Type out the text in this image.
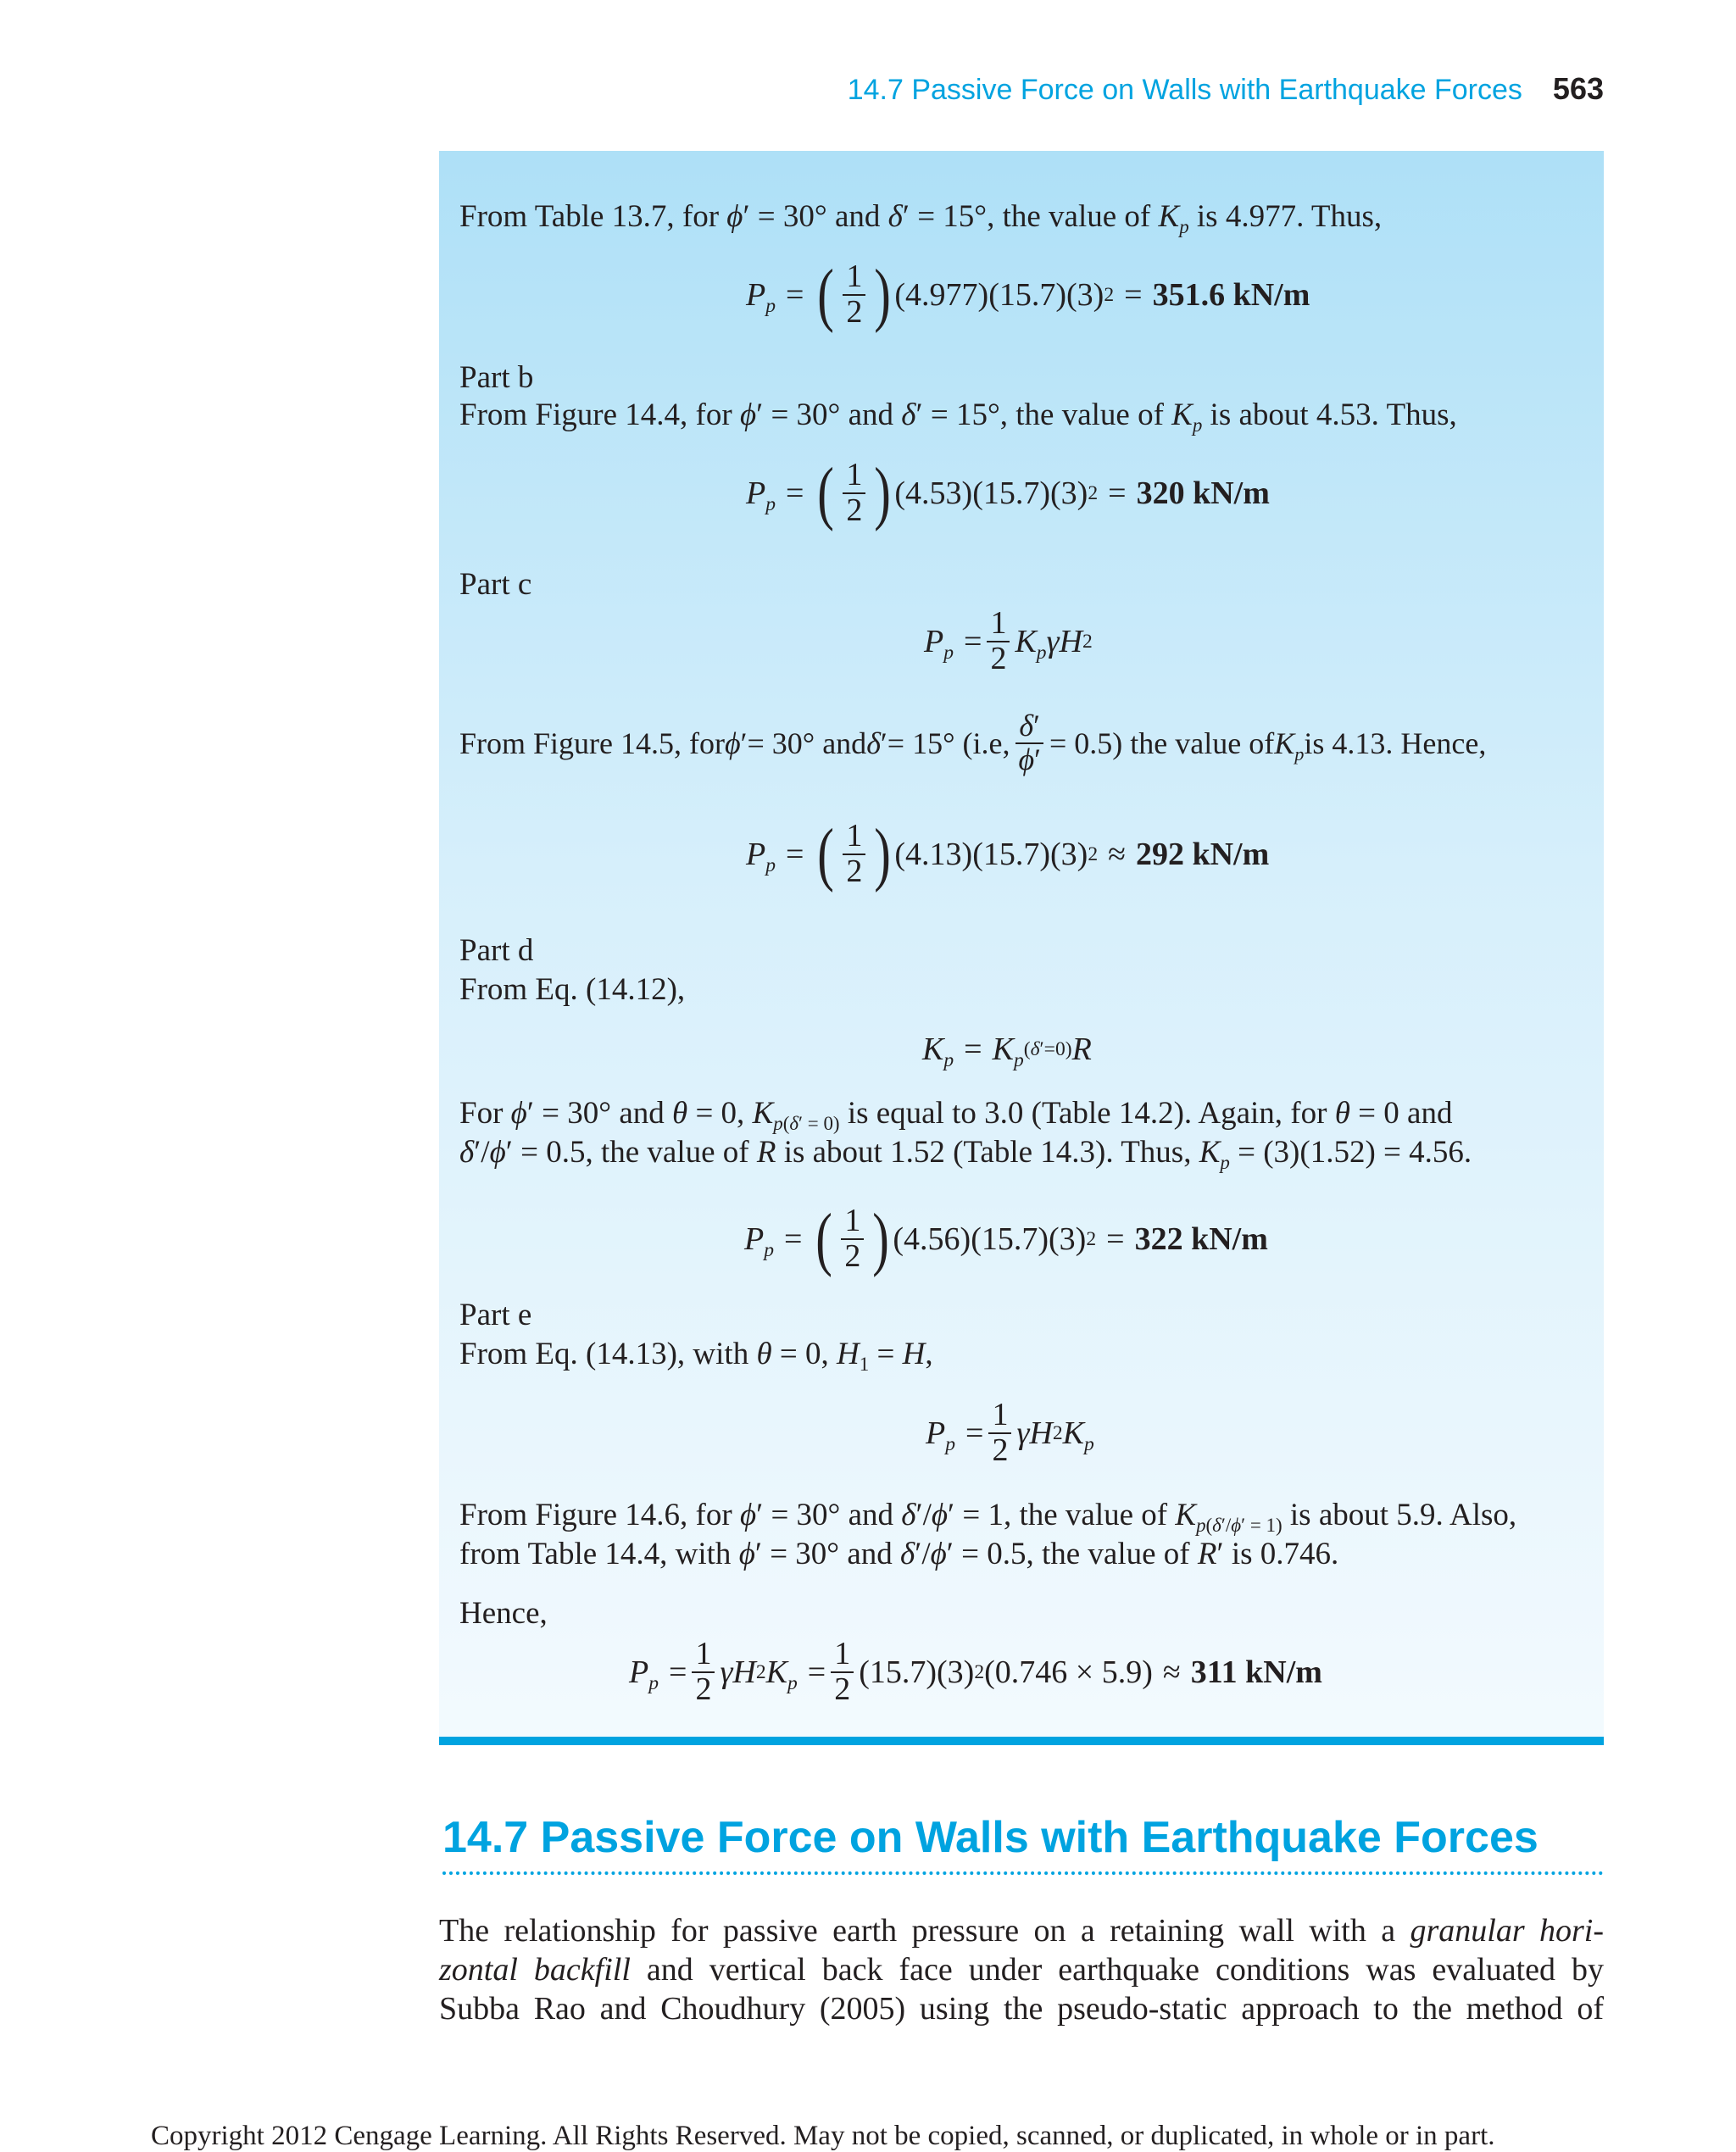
14.7 Passive Force on Walls with Earthquake Forces 563
From Table 13.7, for ϕ′ = 30° and δ′ = 15°, the value of $K_p$ is 4.977. Thus,
$P_p$ = ( $\frac{1}{2}$ ) (4.977)(15.7)(3) 2 = 351.6 kN/m
Part b
From Figure 14.4, for ϕ′ = 30° and δ′ = 15°, the value of $K_p$ is about 4.53. Thus,
$P_p$ = ( $\frac{1}{2}$ ) (4.53)(15.7)(3) 2 = 320 kN/m
Part c
$P_p = \frac{1}{2} K_p\gamma H$ 2
From Figure 14.5, for ϕ ′ = 30° and δ ′ = 15° (i.e, $\frac{\delta'}{\phi'} = 0.5$) the value of $K_p$ is 4.13. Hence,
$P_p$ = ( $\frac{1}{2}$ ) (4.13)(15.7)(3) 2 ≈ 292 kN/m
Part d
From Eq. (14.12),
$K_p = K_p$
(δ′=0) R
For ϕ′ = 30° and θ = 0, $K_{p(\delta' = 0)}$ is equal to 3.0 (Table 14.2). Again, for θ = 0 and
δ′/ϕ′ = 0.5, the value of R is about 1.52 (Table 14.3). Thus, $K_p = (3)(1.52) = 4.56$.
$P_p$ = ( $\frac{1}{2}$ ) (4.56)(15.7)(3) 2 = 322 kN/m
Part e
From Eq. (14.13), with θ = 0, $H_1 = H$,
$P_p = \frac{1}{2}$ γH 2 $K_p$
From Figure 14.6, for ϕ′ = 30° and δ′/ϕ′ = 1, the value of $K_{p(\delta'/\phi' = 1)}$ is about 5.9. Also,
from Table 14.4, with ϕ′ = 30° and δ′/ϕ′ = 0.5, the value of R′ is 0.746.
Hence,
$P_p = \frac{1}{2}$ γH 2 $K_p = \frac{1}{2} (15.7)(3)$ 2 (0.746 × 5.9) ≈ 311 kN/m
14.7 Passive Force on Walls with Earthquake Forces
The relationship for passive earth pressure on a retaining wall with a granular hori-
zontal backfill and vertical back face under earthquake conditions was evaluated by
Subba Rao and Choudhury (2005) using the pseudo-static approach to the method of
Copyright 2012 Cengage Learning. All Rights Reserved. May not be copied, scanned, or duplicated, in whole or in part.
